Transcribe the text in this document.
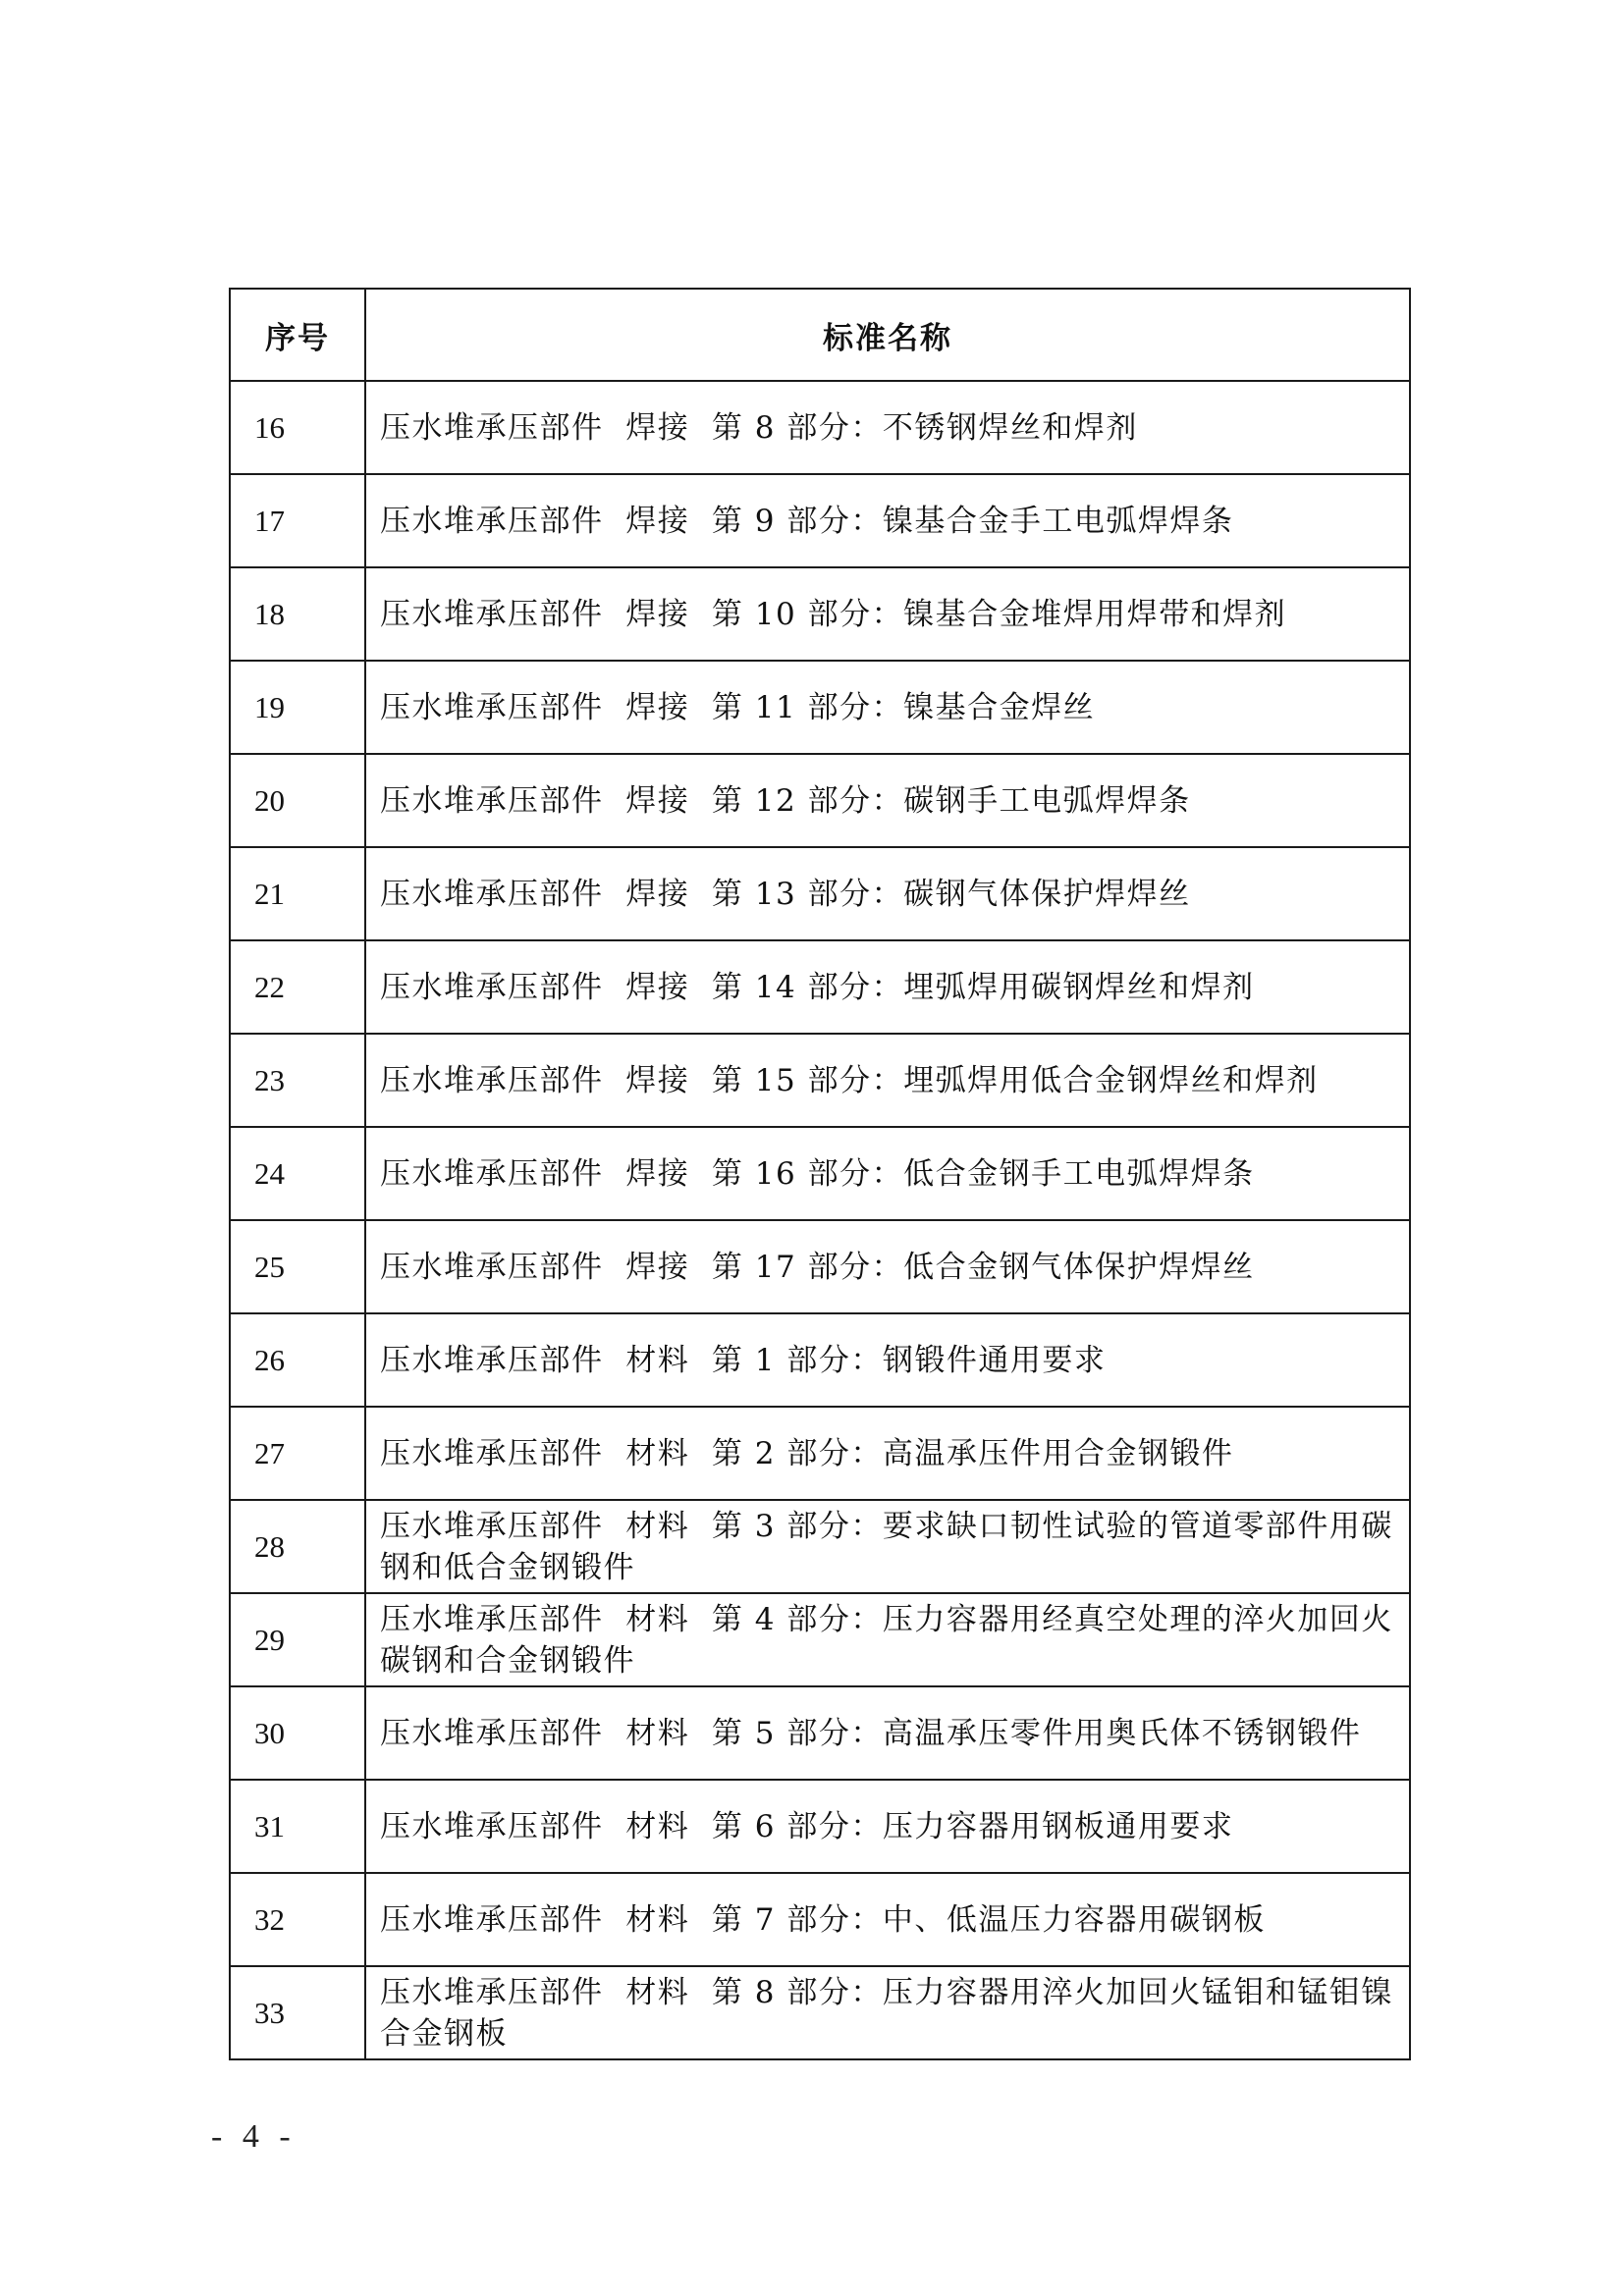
序号	标准名称
16	压水堆承压部件  焊接  第 8 部分：不锈钢焊丝和焊剂
17	压水堆承压部件  焊接  第 9 部分：镍基合金手工电弧焊焊条
18	压水堆承压部件  焊接  第 10 部分：镍基合金堆焊用焊带和焊剂
19	压水堆承压部件  焊接  第 11 部分：镍基合金焊丝
20	压水堆承压部件  焊接  第 12 部分：碳钢手工电弧焊焊条
21	压水堆承压部件  焊接  第 13 部分：碳钢气体保护焊焊丝
22	压水堆承压部件  焊接  第 14 部分：埋弧焊用碳钢焊丝和焊剂
23	压水堆承压部件  焊接  第 15 部分：埋弧焊用低合金钢焊丝和焊剂
24	压水堆承压部件  焊接  第 16 部分：低合金钢手工电弧焊焊条
25	压水堆承压部件  焊接  第 17 部分：低合金钢气体保护焊焊丝
26	压水堆承压部件  材料  第 1 部分：钢锻件通用要求
27	压水堆承压部件  材料  第 2 部分：高温承压件用合金钢锻件
28	压水堆承压部件  材料  第 3 部分：要求缺口韧性试验的管道零部件用碳钢和低合金钢锻件
29	压水堆承压部件  材料  第 4 部分：压力容器用经真空处理的淬火加回火碳钢和合金钢锻件
30	压水堆承压部件  材料  第 5 部分：高温承压零件用奥氏体不锈钢锻件
31	压水堆承压部件  材料  第 6 部分：压力容器用钢板通用要求
32	压水堆承压部件  材料  第 7 部分：中、低温压力容器用碳钢板
33	压水堆承压部件  材料  第 8 部分：压力容器用淬火加回火锰钼和锰钼镍合金钢板
- 4 -
